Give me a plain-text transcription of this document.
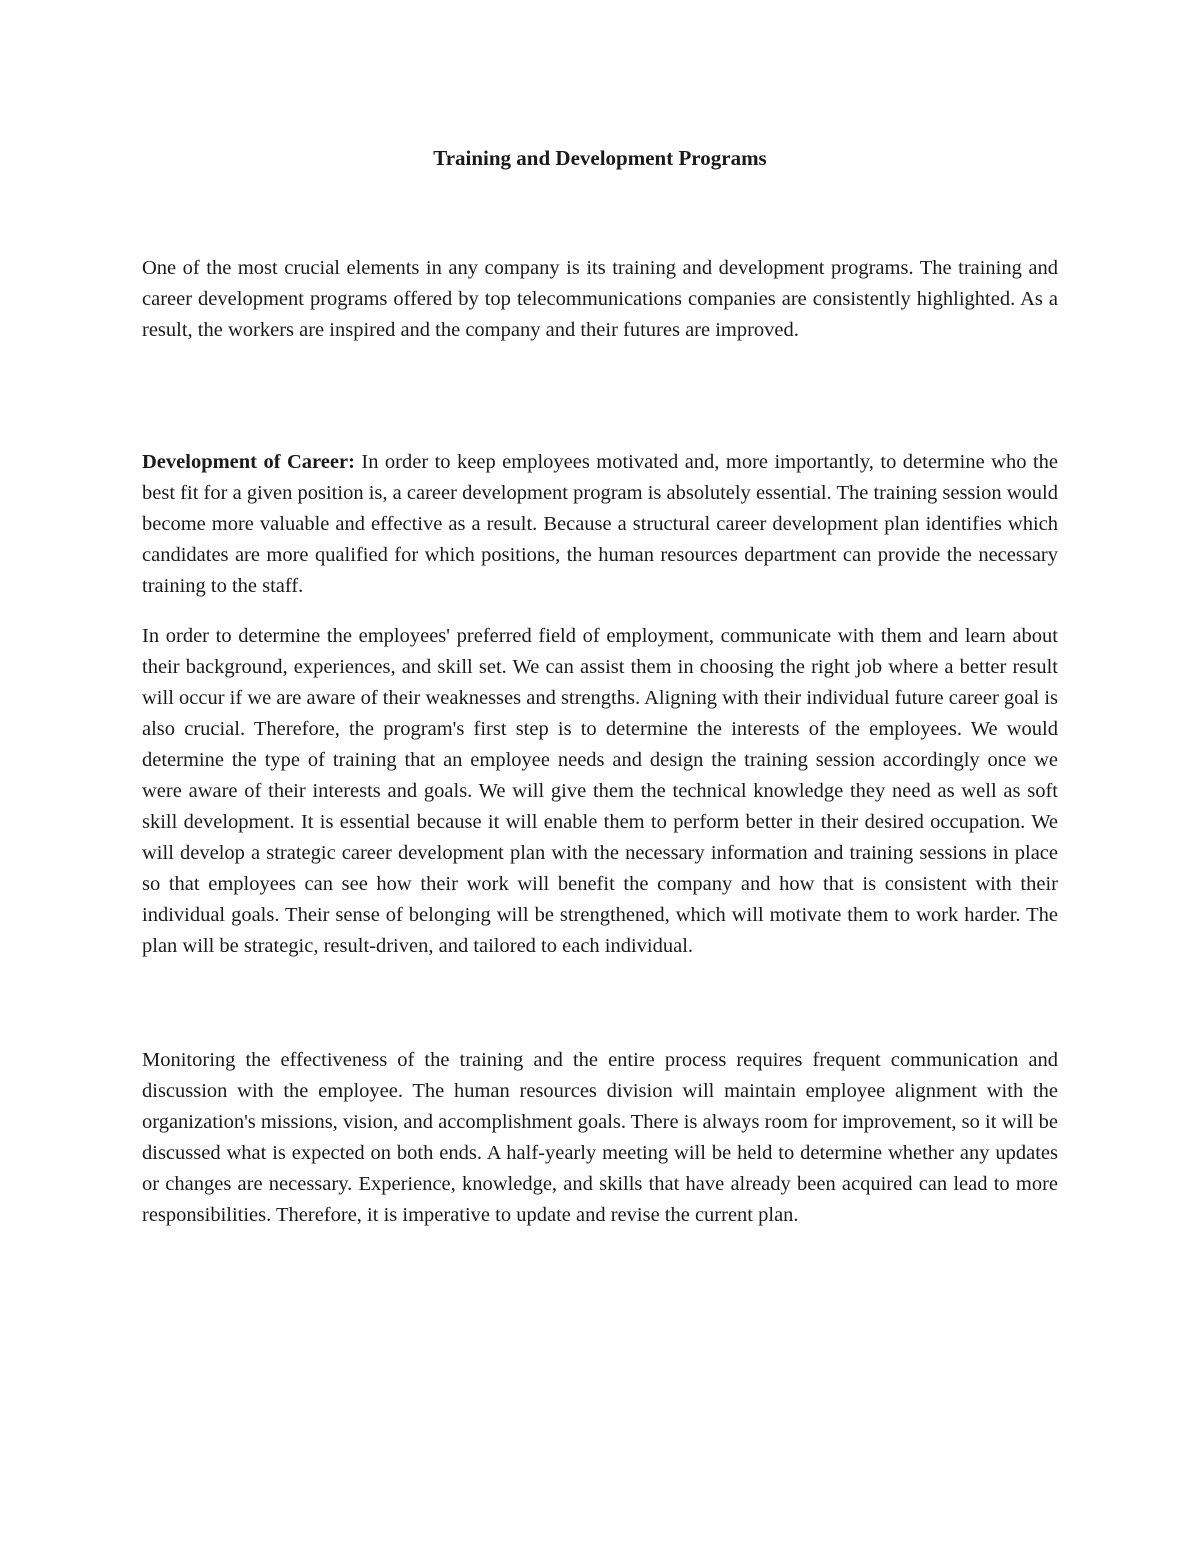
Training and Development Programs

One of the most crucial elements in any company is its training and development programs. The training and career development programs offered by top telecommunications companies are consistently highlighted. As a result, the workers are inspired and the company and their futures are improved.

Development of Career: In order to keep employees motivated and, more importantly, to determine who the best fit for a given position is, a career development program is absolutely essential. The training session would become more valuable and effective as a result. Because a structural career development plan identifies which candidates are more qualified for which positions, the human resources department can provide the necessary training to the staff.

In order to determine the employees' preferred field of employment, communicate with them and learn about their background, experiences, and skill set. We can assist them in choosing the right job where a better result will occur if we are aware of their weaknesses and strengths. Aligning with their individual future career goal is also crucial. Therefore, the program's first step is to determine the interests of the employees. We would determine the type of training that an employee needs and design the training session accordingly once we were aware of their interests and goals. We will give them the technical knowledge they need as well as soft skill development. It is essential because it will enable them to perform better in their desired occupation. We will develop a strategic career development plan with the necessary information and training sessions in place so that employees can see how their work will benefit the company and how that is consistent with their individual goals. Their sense of belonging will be strengthened, which will motivate them to work harder. The plan will be strategic, result-driven, and tailored to each individual.

Monitoring the effectiveness of the training and the entire process requires frequent communication and discussion with the employee. The human resources division will maintain employee alignment with the organization's missions, vision, and accomplishment goals. There is always room for improvement, so it will be discussed what is expected on both ends. A half-yearly meeting will be held to determine whether any updates or changes are necessary. Experience, knowledge, and skills that have already been acquired can lead to more responsibilities. Therefore, it is imperative to update and revise the current plan.
